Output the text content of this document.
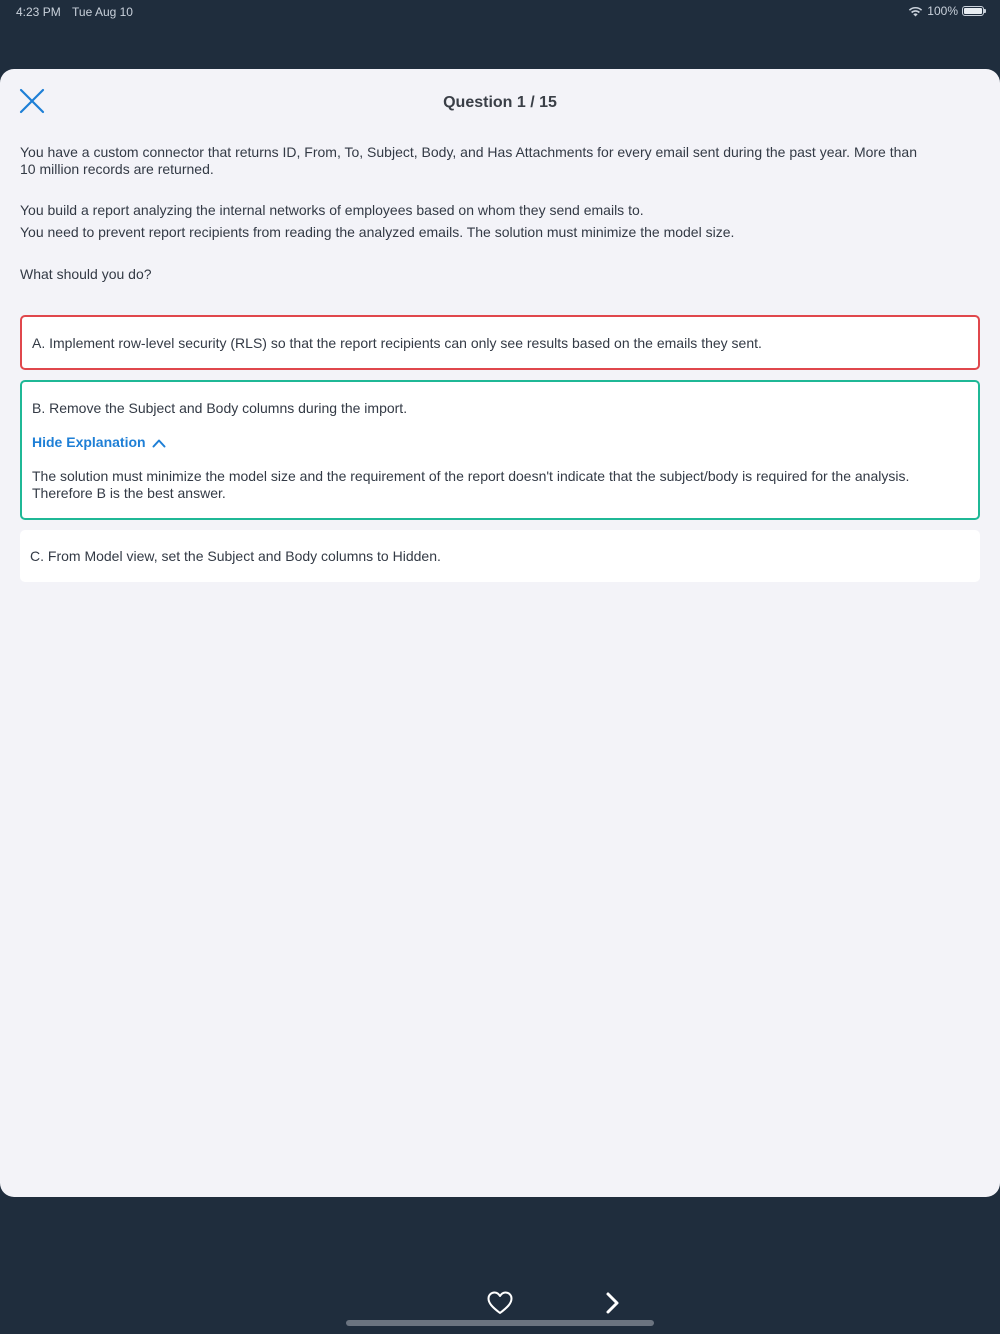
4:23 PM Tue Aug 10	100%
Question 1 / 15

You have a custom connector that returns ID, From, To, Subject, Body, and Has Attachments for every email sent during the past year. More than 10 million records are returned.

You build a report analyzing the internal networks of employees based on whom they send emails to.

You need to prevent report recipients from reading the analyzed emails. The solution must minimize the model size.

What should you do?

A. Implement row-level security (RLS) so that the report recipients can only see results based on the emails they sent.
B. Remove the Subject and Body columns during the import.
Hide Explanation
The solution must minimize the model size and the requirement of the report doesn't indicate that the subject/body is required for the analysis. Therefore B is the best answer.
C. From Model view, set the Subject and Body columns to Hidden.
